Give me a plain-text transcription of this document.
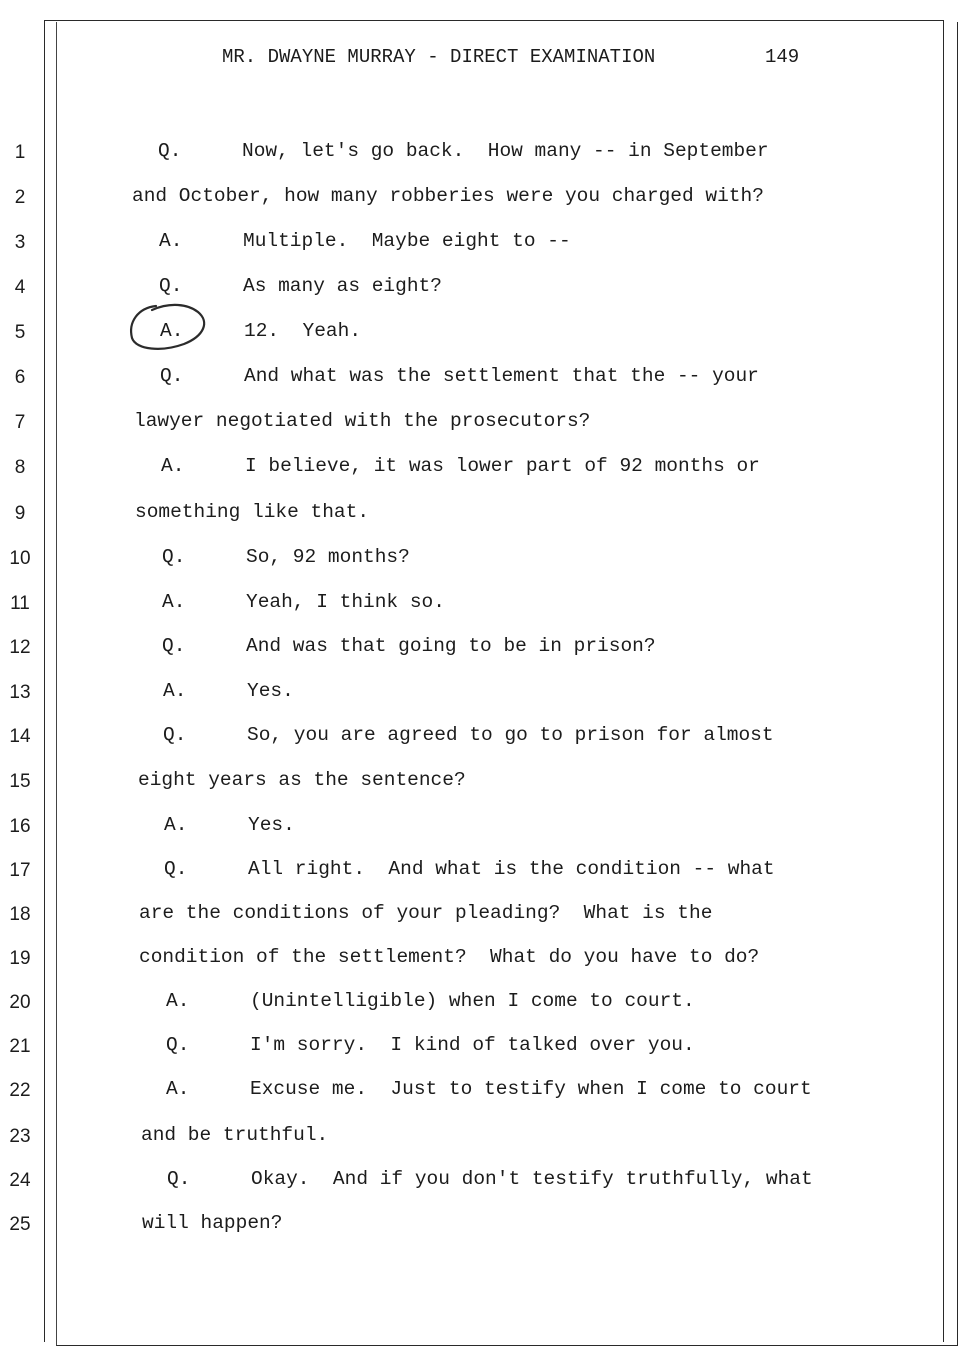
MR. DWAYNE MURRAY - DIRECT EXAMINATION	149
1	Q.	Now, let's go back.  How many -- in September
2	and October, how many robberies were you charged with?
3	A.	Multiple.  Maybe eight to --
4	Q.	As many as eight?
5	A.	12.  Yeah.
6	Q.	And what was the settlement that the -- your
7	lawyer negotiated with the prosecutors?
8	A.	I believe, it was lower part of 92 months or
9	something like that.
10	Q.	So, 92 months?
11	A.	Yeah, I think so.
12	Q.	And was that going to be in prison?
13	A.	Yes.
14	Q.	So, you are agreed to go to prison for almost
15	eight years as the sentence?
16	A.	Yes.
17	Q.	All right.  And what is the condition -- what
18	are the conditions of your pleading?  What is the
19	condition of the settlement?  What do you have to do?
20	A.	(Unintelligible) when I come to court.
21	Q.	I'm sorry.  I kind of talked over you.
22	A.	Excuse me.  Just to testify when I come to court
23	and be truthful.
24	Q.	Okay.  And if you don't testify truthfully, what
25	will happen?
